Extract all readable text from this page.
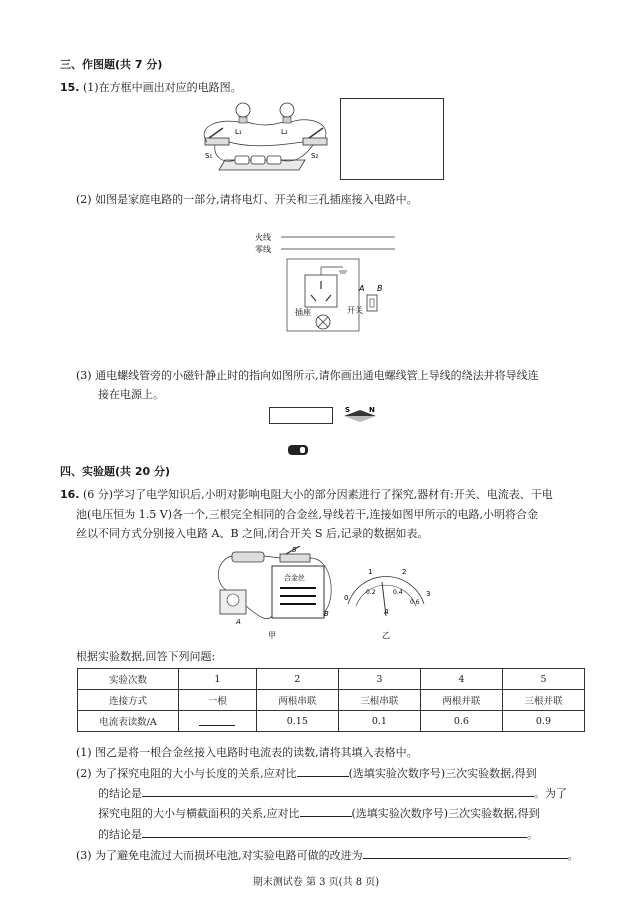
三、作图题(共 7 分)
15. (1)在方框中画出对应的电路图。
L₁	L₂
S₁	S₂
(2) 如图是家庭电路的一部分,请将电灯、开关和三孔插座接入电路中。
火线
零线
插座
A B
开关
(3) 通电螺线管旁的小磁针静止时的指向如图所示,请你画出通电螺线管上导线的绕法并将导线连
接在电源上。
S	N
四、实验题(共 20 分)
16. (6 分)学习了电学知识后,小明对影响电阻大小的部分因素进行了探究,器材有:开关、电流表、干电
池(电压恒为 1.5 V)各一个,三根完全相同的合金丝,导线若干,连接如图甲所示的电路,小明将合金
丝以不同方式分别接入电路 A、B 之间,闭合开关 S 后,记录的数据如表。
S
合金丝
A
B
甲
0
1	2
3
0.2	0.4
0.6
A
乙
根据实验数据,回答下列问题:
实验次数	1	2	3	4	5
连接方式	一根	两根串联	三根串联	两根并联	三根并联
电流表读数/A		0.15	0.1	0.6	0.9
(1) 图乙是将一根合金丝接入电路时电流表的读数,请将其填入表格中。
(2) 为了探究电阻的大小与长度的关系,应对比	(选填实验次数序号)三次实验数据,得到
的结论是	。为了
探究电阻的大小与横截面积的关系,应对比	(选填实验次数序号)三次实验数据,得到
的结论是	。
(3) 为了避免电流过大而损坏电池,对实验电路可做的改进为	。
期末测试卷 第 3 页(共 8 页)
